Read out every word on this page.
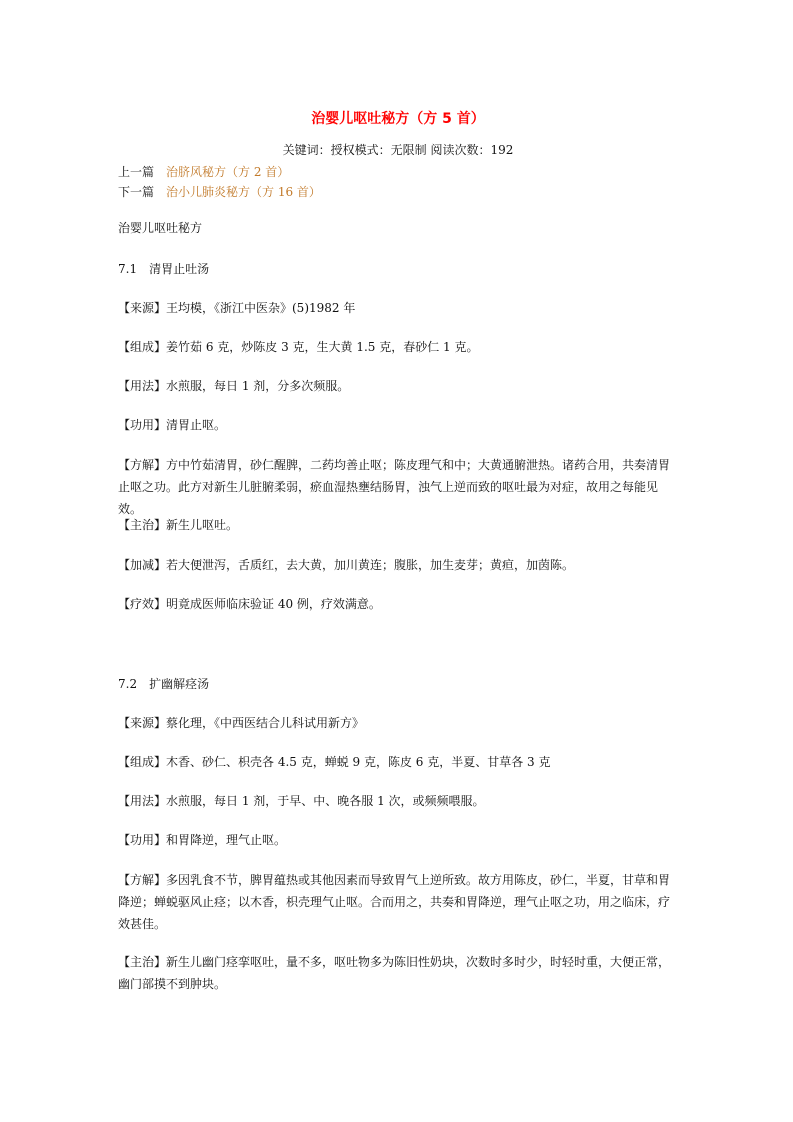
治婴儿呕吐秘方（方 5 首）
关键词：授权模式：无限制 阅读次数：192
上一篇 治脐风秘方（方 2 首）
下一篇 治小儿肺炎秘方（方 16 首）
治婴儿呕吐秘方
7.1　清胃止吐汤
【来源】王均模，《浙江中医杂》(5)1982 年
【组成】姜竹茹 6 克，炒陈皮 3 克，生大黄 1.5 克，春砂仁 1 克。
【用法】水煎服，每日 1 剂，分多次频服。
【功用】清胃止呕。
【方解】方中竹茹清胃，砂仁醒脾，二药均善止呕；陈皮理气和中；大黄通腑泄热。诸药合用，共奏清胃止呕之功。此方对新生儿脏腑柔弱，瘀血湿热壅结肠胃，浊气上逆而致的呕吐最为对症，故用之每能见效。
【主治】新生儿呕吐。
【加减】若大便泄泻，舌质红，去大黄，加川黄连；腹胀，加生麦芽；黄疸，加茵陈。
【疗效】明竟成医师临床验证 40 例，疗效满意。
7.2　扩幽解痉汤
【来源】蔡化理，《中西医结合儿科试用新方》
【组成】木香、砂仁、枳壳各 4.5 克，蝉蜕 9 克，陈皮 6 克，半夏、甘草各 3 克
【用法】水煎服，每日 1 剂，于早、中、晚各服 1 次，或频频喂服。
【功用】和胃降逆，理气止呕。
【方解】多因乳食不节，脾胃蕴热或其他因素而导致胃气上逆所致。故方用陈皮，砂仁，半夏，甘草和胃降逆；蝉蜕驱风止痉；以木香，枳壳理气止呕。合而用之，共奏和胃降逆，理气止呕之功，用之临床，疗效甚佳。
【主治】新生儿幽门痉挛呕吐，量不多，呕吐物多为陈旧性奶块，次数时多时少，时轻时重，大便正常，幽门部摸不到肿块。
